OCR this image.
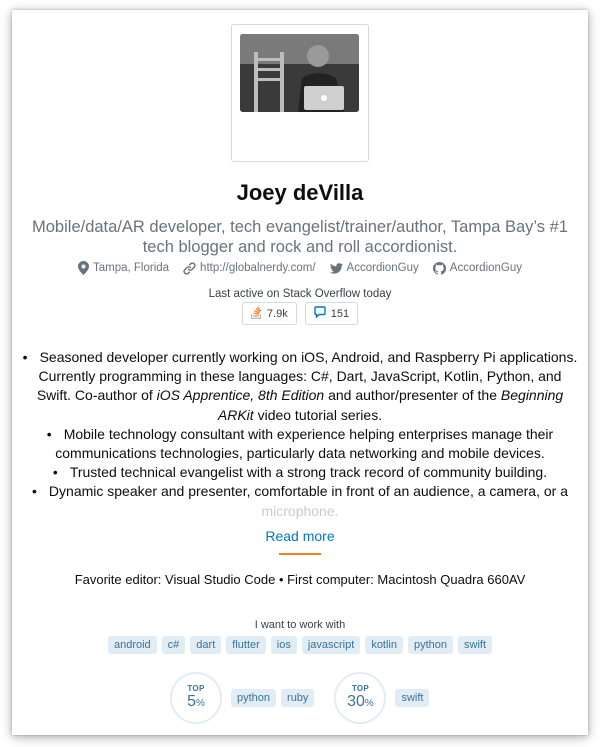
Joey deVilla
Mobile/data/AR developer, tech evangelist/trainer/author, Tampa Bay’s #1 tech blogger and rock and roll accordionist.
Tampa, Florida	http://globalnerdy.com/	AccordionGuy	AccordionGuy
Last active on Stack Overflow today
7.9k	151

• Seasoned developer currently working on iOS, Android, and Raspberry Pi applications. Currently programming in these languages: C#, Dart, JavaScript, Kotlin, Python, and Swift. Co-author of iOS Apprentice, 8th Edition and author/presenter of the Beginning ARKit video tutorial series.

• Mobile technology consultant with experience helping enterprises manage their communications technologies, particularly data networking and mobile devices.

• Trusted technical evangelist with a strong track record of community building.

• Dynamic speaker and presenter, comfortable in front of an audience, a camera, or a
microphone.

Read more
Favorite editor: Visual Studio Code • First computer: Macintosh Quadra 660AV
I want to work with
android	c#	dart	flutter	ios	javascript	kotlin	python	swift
TOP
5%	python	ruby
TOP
30%	swift
